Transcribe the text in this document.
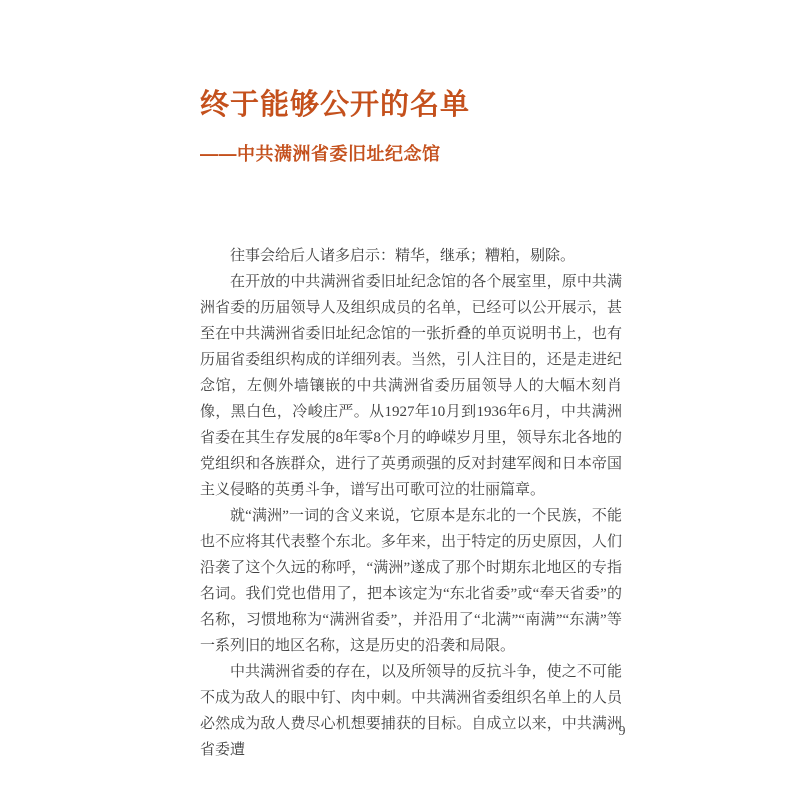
终于能够公开的名单
——中共满洲省委旧址纪念馆

往事会给后人诸多启示：精华，继承；糟粕，剔除。

在开放的中共满洲省委旧址纪念馆的各个展室里，原中共满洲省委的历届领导人及组织成员的名单，已经可以公开展示，甚至在中共满洲省委旧址纪念馆的一张折叠的单页说明书上，也有历届省委组织构成的详细列表。当然，引人注目的，还是走进纪念馆，左侧外墙镶嵌的中共满洲省委历届领导人的大幅木刻肖像，黑白色，冷峻庄严。从1927年10月到1936年6月，中共满洲省委在其生存发展的8年零8个月的峥嵘岁月里，领导东北各地的党组织和各族群众，进行了英勇顽强的反对封建军阀和日本帝国主义侵略的英勇斗争，谱写出可歌可泣的壮丽篇章。

就“满洲”一词的含义来说，它原本是东北的一个民族，不能也不应将其代表整个东北。多年来，出于特定的历史原因，人们沿袭了这个久远的称呼，“满洲”遂成了那个时期东北地区的专指名词。我们党也借用了，把本该定为“东北省委”或“奉天省委”的名称，习惯地称为“满洲省委”，并沿用了“北满”“南满”“东满”等一系列旧的地区名称，这是历史的沿袭和局限。

中共满洲省委的存在，以及所领导的反抗斗争，使之不可能不成为敌人的眼中钉、肉中刺。中共满洲省委组织名单上的人员必然成为敌人费尽心机想要捕获的目标。自成立以来，中共满洲省委遭

9
